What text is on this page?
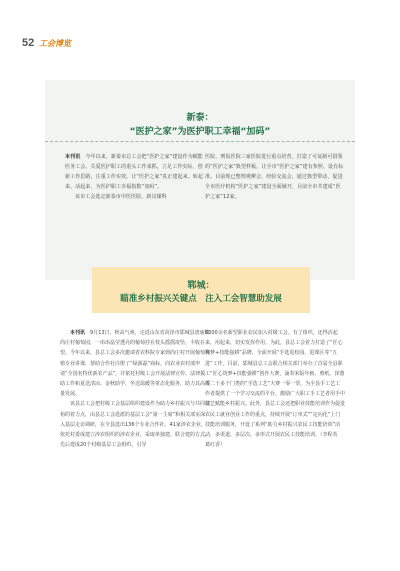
52 工会博览
新泰：
“医护之家”为医护职工幸福“加码”

本刊讯　 今年以来，新泰市总工会把“医护之家”建设作为赋能医务工会、关爱医护职工的重头工作来抓，立足工作实际，创新工作思路，注重工作实效，让“医护之家”真正建起来、转起来、活起来，为医护职工幸福指数“加码”。

该市工会选定新泰市中医医院、新汶煤科

医院、刑侃医院三家医院进行重点培育，打造了可复制可借鉴的“医护之家”典型样板，让全市“医护之家”建有参照、设有标准。目前现已整理观摩会，经验交流会，通过典型带动，促进全市医疗机构“医护之家”建设全面铺开，目前全市共建成“医护之家”12家。

郓城：
瞄准乡村振兴关键点　注入工会智慧助发展

本刊讯　 9月13日，秋高气爽，走进山东省菏泽市郓城县唐庙镇尚庄村葡萄园，一串串晶莹透亮的葡萄挂在枝头摇摇欲坠，丰收在望。今年以来，县总工会多次邀请省农科院专家到尚庄村开展葡萄种植专业讲课，帮助合作社注册了“绿源磊”商标，向农业农村部申请“全国名特优新农产品”，并依托村级工会开展法律宣传、法律援助工作和夏送清凉、金秋助学、冬送温暖等常态化服务，助力其高质量发展。

该县总工会把村级工会基层组织建设作为助力乡村振兴与共同富裕的着力点，由县总工会选派的基层工会“第一主席”和相关部室深入基层走访调研，在全县选出136个专业合作社、41家涉农企业，依托村委成建立涉农组织的涉农企业，采取单独建、联合建的方式，先后建成20个村级基层工会组织，引导

6300余名新型职业农民加入村级工会。有了组织，还得活起来，用起来，切实发挥作用。为此，县总工会着力打造了“匠心筑梦+技能强耕”品牌，全面开展“手选进校园、进课区等“五进”工作。目前，郓城县总工会联合相关部门举办了首届全县职工“匠心筑梦+技能强耕”创作大赛，涌奏米版年画、剪纸、泽器等二十多个门类的“手选工艺”大赛一零一票，为全县手工艺工作者提供了一个学习交流的平台，激励广大职工手工艺者用手中技艺赋能乡村振兴。此外，县总工会还把职业技能培训作为促进农民工就业创业工作的重点，持续开展“订单式”“定向化”上门技能培训服务，开设了系列“助力乡村振兴农民工技能培训”活动，多渠道、多层次、多形式开展农民工技能培训。（李程英　葛红香）
